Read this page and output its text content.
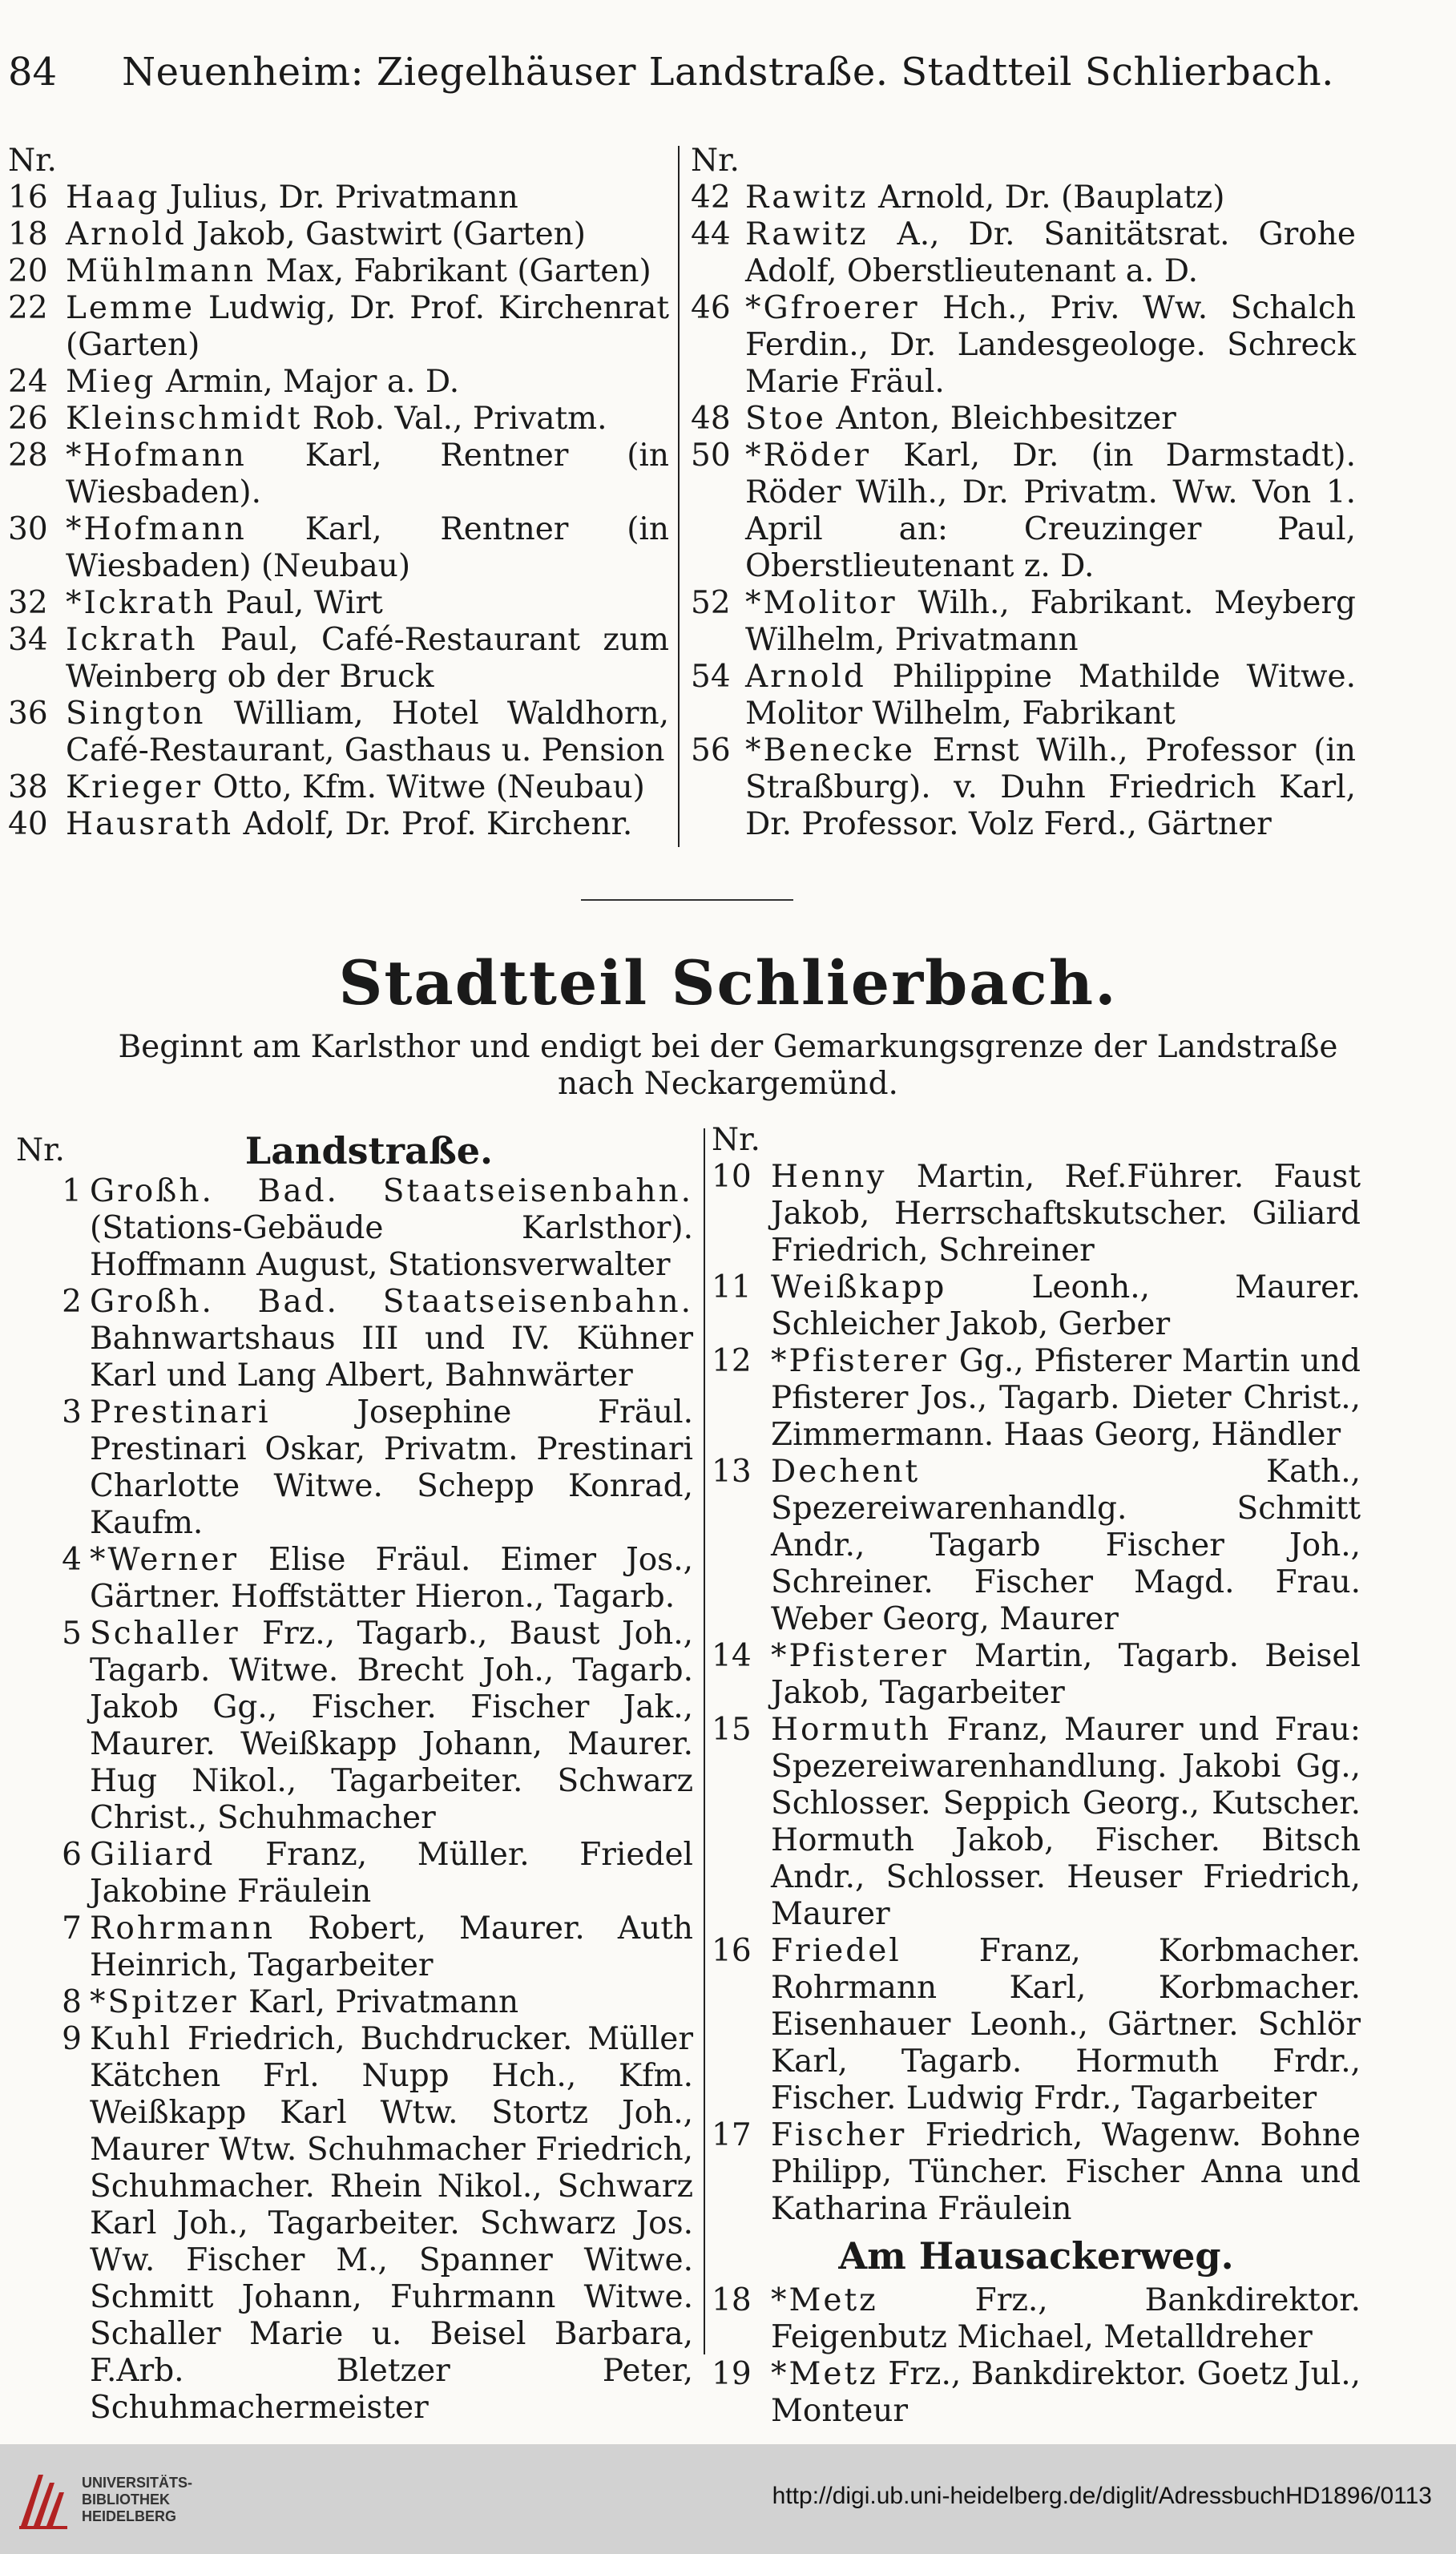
Neuenheim: Ziegelhäuser Landstraße. Stadtteil Schlierbach.
84
Nr.
16 Haag Julius, Dr. Privatmann
18 Arnold Jakob, Gastwirt (Garten)
20 Mühlmann Max, Fabrikant (Garten)
22 Lemme Ludwig, Dr. Prof. Kirchenrat (Garten)
24 Mieg Armin, Major a. D.
26 Kleinschmidt Rob. Val., Privatm.
28 *Hofmann Karl, Rentner (in Wiesbaden).
30 *Hofmann Karl, Rentner (in Wiesbaden) (Neubau)
32 *Ickrath Paul, Wirt
34 Ickrath Paul, Café-Restaurant zum Weinberg ob der Bruck
36 Sington William, Hotel Waldhorn, Café-Restaurant, Gasthaus u. Pension
38 Krieger Otto, Kfm. Witwe (Neubau)
40 Hausrath Adolf, Dr. Prof. Kirchenr.
Nr.
42 Rawitz Arnold, Dr. (Bauplatz)
44 Rawitz A., Dr. Sanitätsrat. Grohe Adolf, Oberstlieutenant a. D.
46 *Gfroerer Hch., Priv. Ww. Schalch Ferdin., Dr. Landesgeologe. Schreck Marie Fräul.
48 Stoe Anton, Bleichbesitzer
50 *Röder Karl, Dr. (in Darmstadt). Röder Wilh., Dr. Privatm. Ww. Von 1. April an: Creuzinger Paul, Oberstlieutenant z. D.
52 *Molitor Wilh., Fabrikant. Meyberg Wilhelm, Privatmann
54 Arnold Philippine Mathilde Witwe. Molitor Wilhelm, Fabrikant
56 *Benecke Ernst Wilh., Professor (in Straßburg). v. Duhn Friedrich Karl, Dr. Professor. Volz Ferd., Gärtner
Stadtteil Schlierbach.
Beginnt am Karlsthor und endigt bei der Gemarkungsgrenze der Landstraße nach Neckargemünd.
Nr.	Landstraße.
1 Großh. Bad. Staatseisenbahn. (Stations-Gebäude Karlsthor). Hoffmann August, Stationsverwalter
2 Großh. Bad. Staatseisenbahn. Bahnwartshaus III und IV. Kühner Karl und Lang Albert, Bahnwärter
3 Prestinari	Josephine Fräul. Prestinari Oskar, Privatm. Prestinari Charlotte Witwe. Schepp Konrad, Kaufm.
4 *Werner Elise Fräul. Eimer Jos., Gärtner. Hoffstätter Hieron., Tagarb.
5 Schaller Frz., Tagarb., Baust Joh., Tagarb. Witwe. Brecht Joh., Tagarb. Jakob Gg., Fischer. Fischer Jak., Maurer. Weißkapp Johann, Maurer. Hug Nikol., Tagarbeiter. Schwarz Christ., Schuhmacher
6 Giliard Franz, Müller. Friedel Jakobine Fräulein
7 Rohrmann Robert, Maurer. Auth Heinrich, Tagarbeiter
8 *Spitzer Karl, Privatmann
9 Kuhl Friedrich, Buchdrucker. Müller Kätchen Frl. Nupp Hch., Kfm. Weißkapp Karl Wtw. Stortz Joh., Maurer Wtw. Schuhmacher Friedrich, Schuhmacher. Rhein Nikol., Schwarz Karl Joh., Tagarbeiter. Schwarz Jos. Ww. Fischer M., Spanner Witwe. Schmitt Johann, Fuhrmann Witwe. Schaller Marie u. Beisel Barbara, F.Arb. Bletzer Peter, Schuhmachermeister
Nr.
10 Henny Martin, Ref.Führer. Faust Jakob, Herrschaftskutscher. Giliard Friedrich, Schreiner
11 Weißkapp	Leonh., Maurer. Schleicher Jakob, Gerber
12 *Pfisterer Gg., Pfisterer Martin und Pfisterer Jos., Tagarb. Dieter Christ., Zimmermann. Haas Georg, Händler
13 Dechent	Kath., Spezereiwarenhandlg. Schmitt Andr., Tagarb Fischer Joh., Schreiner. Fischer Magd. Frau. Weber Georg, Maurer
14 *Pfisterer Martin, Tagarb. Beisel Jakob, Tagarbeiter
15 Hormuth Franz, Maurer und Frau: Spezereiwarenhandlung. Jakobi Gg., Schlosser. Seppich Georg., Kutscher. Hormuth Jakob, Fischer. Bitsch Andr., Schlosser. Heuser Friedrich, Maurer
16 Friedel Franz, Korbmacher. Rohrmann Karl, Korbmacher. Eisenhauer Leonh., Gärtner. Schlör Karl, Tagarb. Hormuth Frdr., Fischer. Ludwig Frdr., Tagarbeiter
17 Fischer Friedrich, Wagenw. Bohne Philipp, Tüncher. Fischer Anna und Katharina Fräulein
Am Hausackerweg.
18 *Metz	Frz., Bankdirektor. Feigenbutz Michael, Metalldreher
19 *Metz Frz., Bankdirektor. Goetz Jul., Monteur
UNIVERSITÄTS-
BIBLIOTHEK
HEIDELBERG
http://digi.ub.uni-heidelberg.de/diglit/AdressbuchHD1896/0113
